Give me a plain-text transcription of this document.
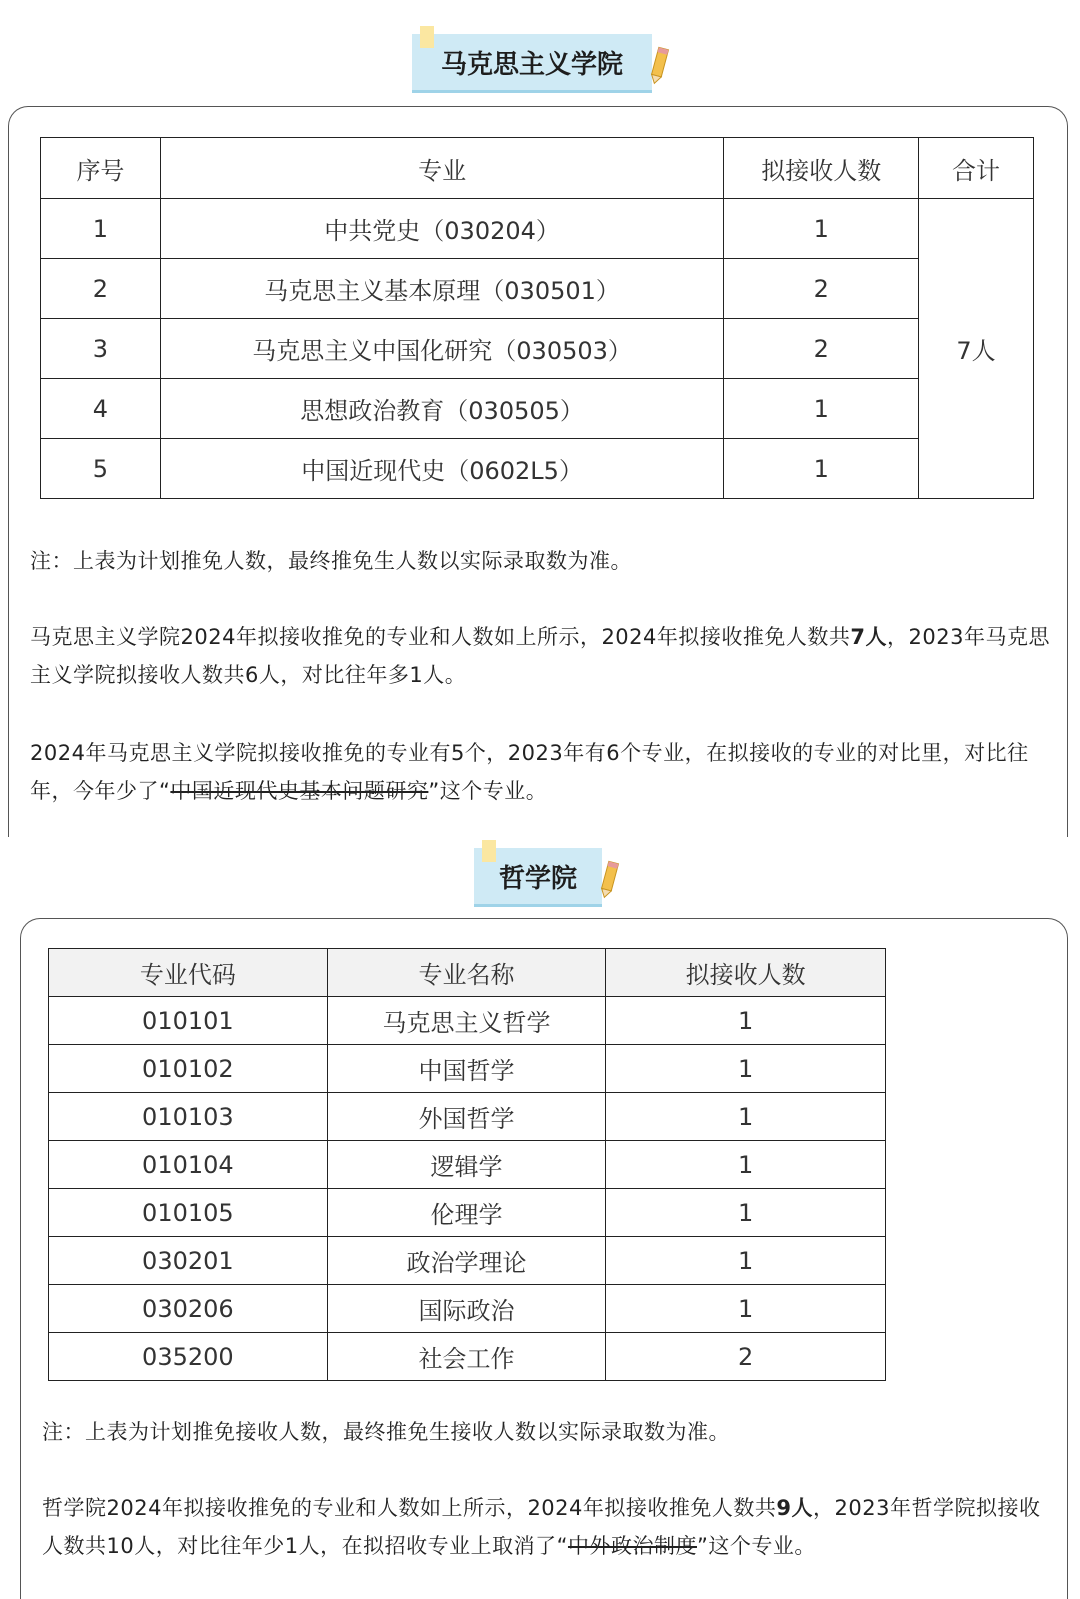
马克思主义学院
序号	专业	拟接收人数	合计
1	中共党史（030204）	1	7人
2	马克思主义基本原理（030501）	2	
3	马克思主义中国化研究（030503）	2	
4	思想政治教育（030505）	1	
5	中国近现代史（0602L5）	1	
注：上表为计划推免人数，最终推免生人数以实际录取数为准。
马克思主义学院2024年拟接收推免的专业和人数如上所示，2024年拟接收推免人数共7人，2023年马克思主义学院拟接收人数共6人，对比往年多1人。
2024年马克思主义学院拟接收推免的专业有5个，2023年有6个专业，在拟接收的专业的对比里，对比往年，今年少了“中国近现代史基本问题研究”这个专业。
哲学院
专业代码	专业名称	拟接收人数
010101	马克思主义哲学	1
010102	中国哲学	1
010103	外国哲学	1
010104	逻辑学	1
010105	伦理学	1
030201	政治学理论	1
030206	国际政治	1
035200	社会工作	2
注：上表为计划推免接收人数，最终推免生接收人数以实际录取数为准。
哲学院2024年拟接收推免的专业和人数如上所示，2024年拟接收推免人数共9人，2023年哲学院拟接收人数共10人，对比往年少1人，在拟招收专业上取消了“中外政治制度”这个专业。
